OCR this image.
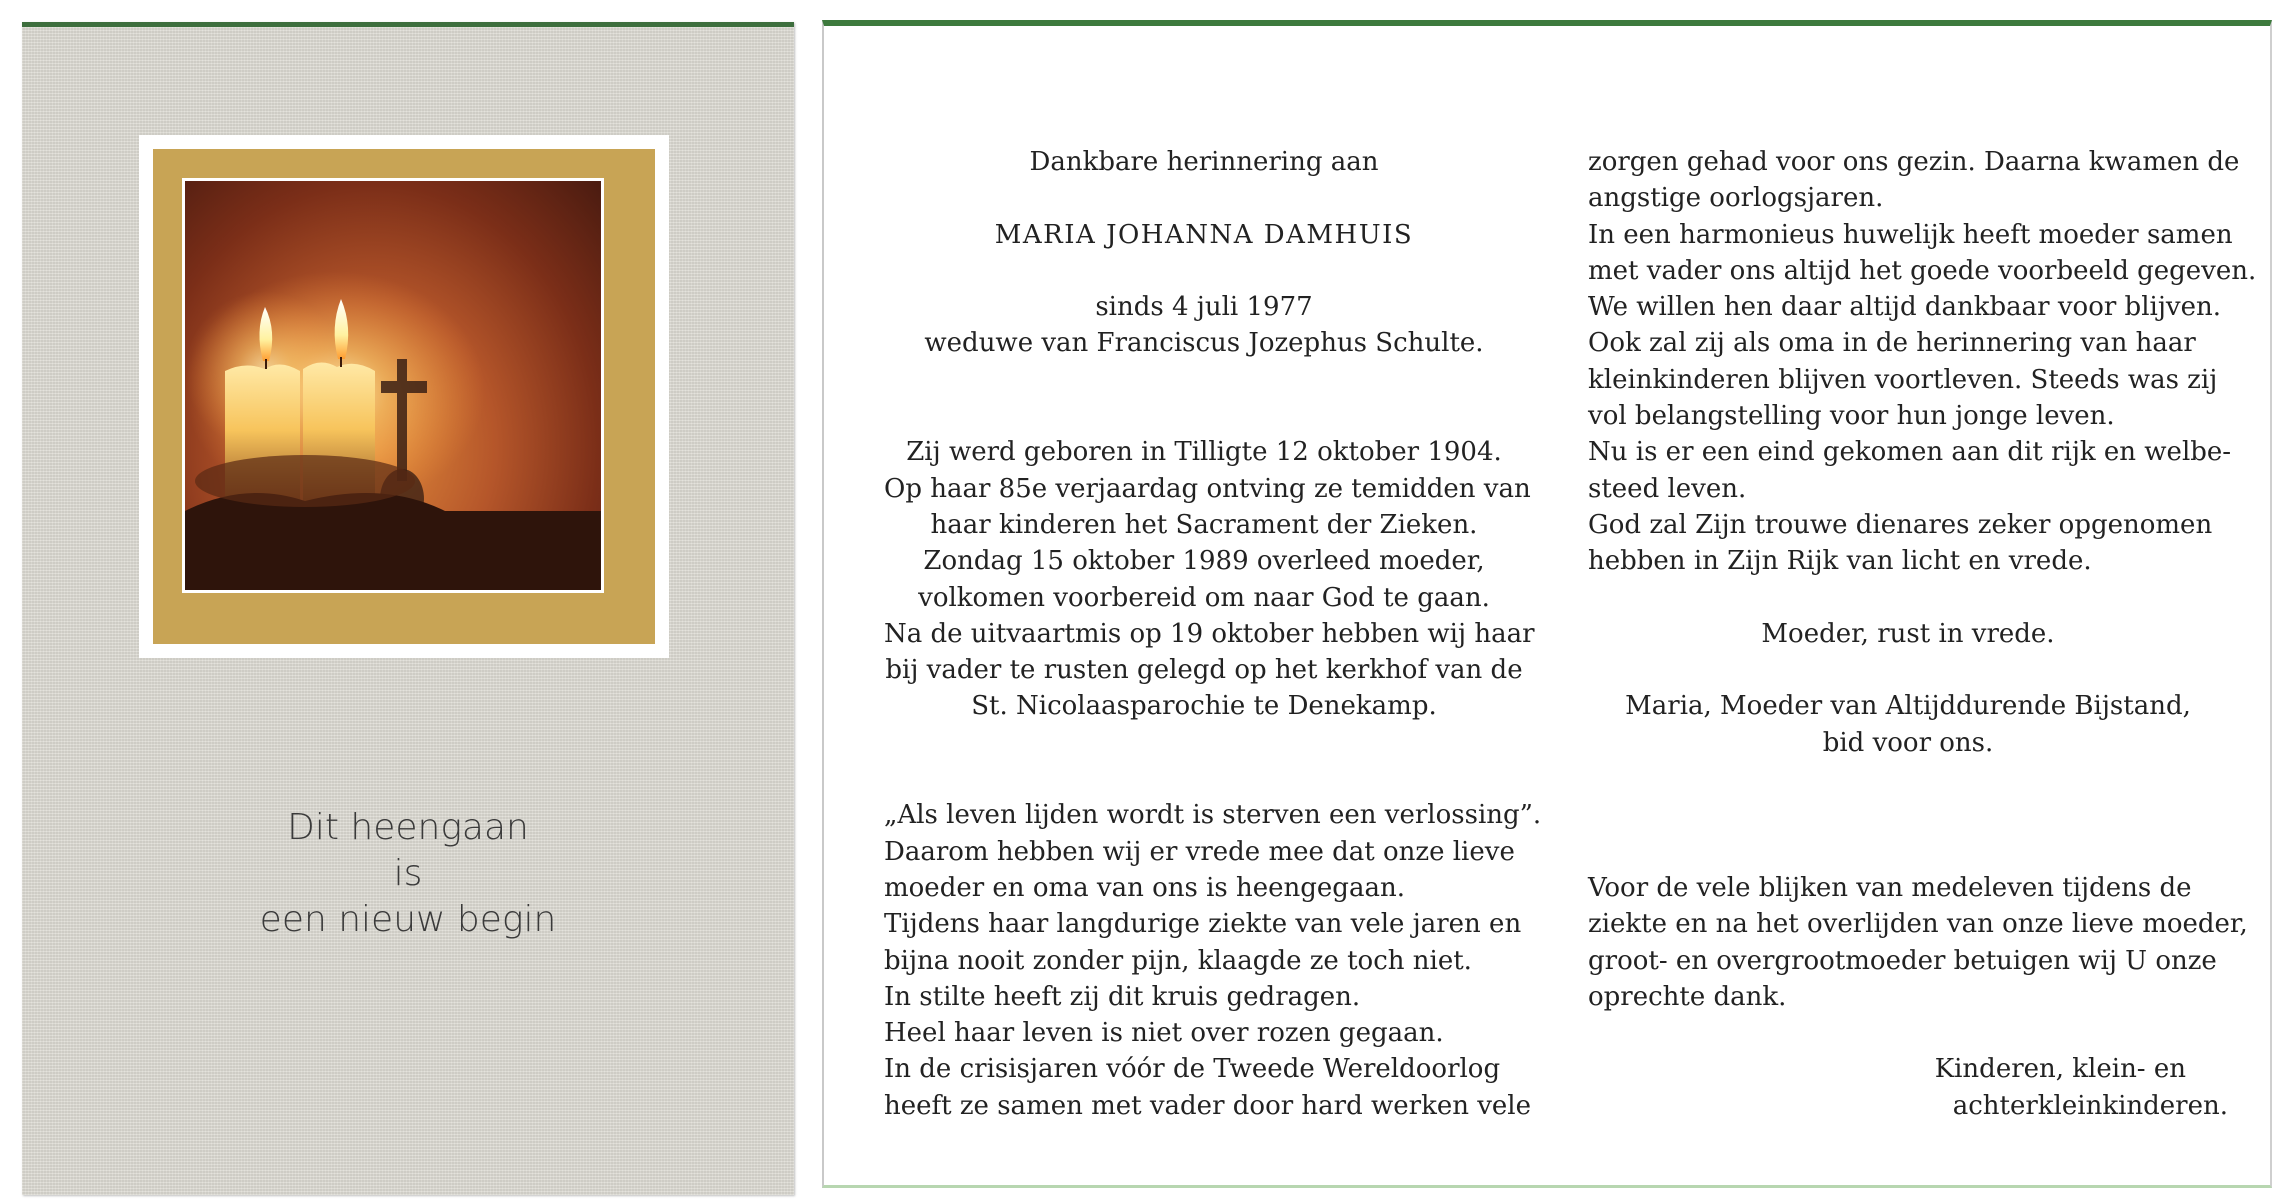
Dit heengaan
is
een nieuw begin
Dankbare herinnering aan
MARIA JOHANNA DAMHUIS
sinds 4 juli 1977
weduwe van Franciscus Jozephus Schulte.
Zij werd geboren in Tilligte 12 oktober 1904.
Op haar 85e verjaardag ontving ze temidden van
haar kinderen het Sacrament der Zieken.
Zondag 15 oktober 1989 overleed moeder,
volkomen voorbereid om naar God te gaan.
Na de uitvaartmis op 19 oktober hebben wij haar
bij vader te rusten gelegd op het kerkhof van de
St. Nicolaasparochie te Denekamp.
„Als leven lijden wordt is sterven een verlossing”.
Daarom hebben wij er vrede mee dat onze lieve
moeder en oma van ons is heengegaan.
Tijdens haar langdurige ziekte van vele jaren en
bijna nooit zonder pijn, klaagde ze toch niet.
In stilte heeft zij dit kruis gedragen.
Heel haar leven is niet over rozen gegaan.
In de crisisjaren vóór de Tweede Wereldoorlog
heeft ze samen met vader door hard werken vele
zorgen gehad voor ons gezin. Daarna kwamen de
angstige oorlogsjaren.
In een harmonieus huwelijk heeft moeder samen
met vader ons altijd het goede voorbeeld gegeven.
We willen hen daar altijd dankbaar voor blijven.
Ook zal zij als oma in de herinnering van haar
kleinkinderen blijven voortleven. Steeds was zij
vol belangstelling voor hun jonge leven.
Nu is er een eind gekomen aan dit rijk en welbe-
steed leven.
God zal Zijn trouwe dienares zeker opgenomen
hebben in Zijn Rijk van licht en vrede.
Moeder, rust in vrede.
Maria, Moeder van Altijddurende Bijstand,
bid voor ons.
Voor de vele blijken van medeleven tijdens de
ziekte en na het overlijden van onze lieve moeder,
groot- en overgrootmoeder betuigen wij U onze
oprechte dank.
Kinderen, klein- en
achterkleinkinderen.
